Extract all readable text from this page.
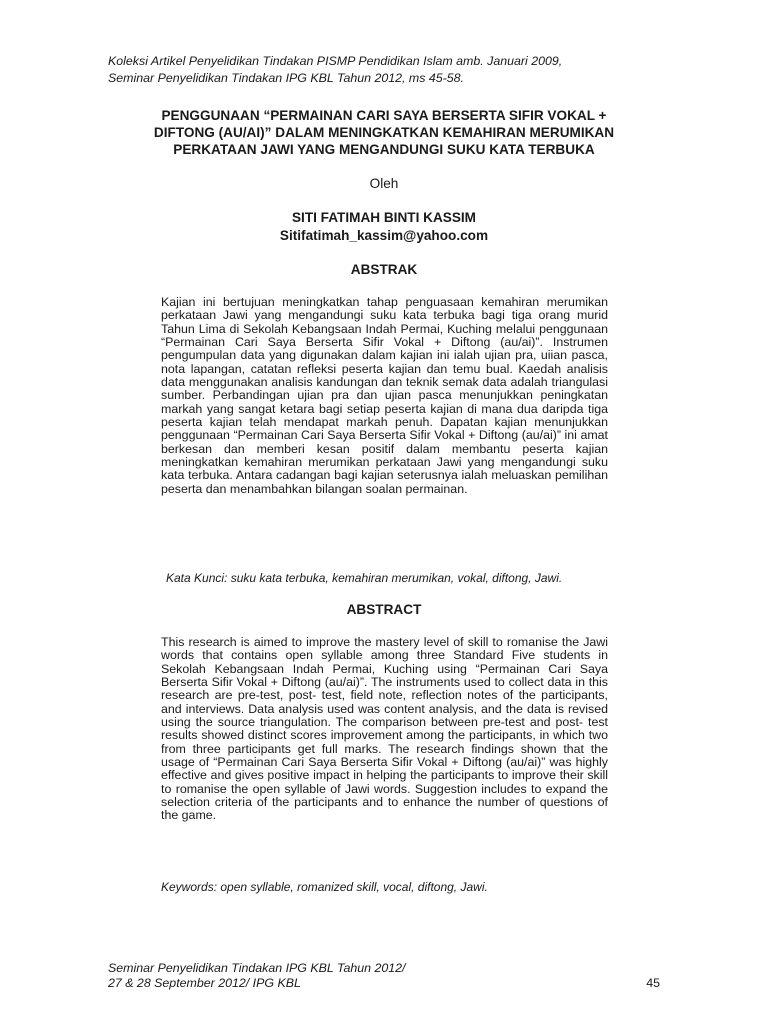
Koleksi Artikel Penyelidikan Tindakan PISMP Pendidikan Islam amb. Januari 2009,
Seminar Penyelidikan Tindakan IPG KBL Tahun 2012, ms 45-58.
PENGGUNAAN “PERMAINAN CARI SAYA BERSERTA SIFIR VOKAL +
DIFTONG (AU/AI)” DALAM MENINGKATKAN KEMAHIRAN MERUMIKAN
PERKATAAN JAWI YANG MENGANDUNGI SUKU KATA TERBUKA
Oleh
SITI FATIMAH BINTI KASSIM
Sitifatimah_kassim@yahoo.com
ABSTRAK
Kajian ini bertujuan meningkatkan tahap penguasaan kemahiran merumikan perkataan Jawi yang mengandungi suku kata terbuka bagi tiga orang murid Tahun Lima di Sekolah Kebangsaan Indah Permai, Kuching melalui penggunaan “Permainan Cari Saya Berserta Sifir Vokal + Diftong (au/ai)”. Instrumen pengumpulan data yang digunakan dalam kajian ini ialah ujian pra, uiian pasca, nota lapangan, catatan refleksi peserta kajian dan temu bual. Kaedah analisis data menggunakan analisis kandungan dan teknik semak data adalah triangulasi sumber. Perbandingan ujian pra dan ujian pasca menunjukkan peningkatan markah yang sangat ketara bagi setiap peserta kajian di mana dua daripda tiga peserta kajian telah mendapat markah penuh. Dapatan kajian menunjukkan penggunaan “Permainan Cari Saya Berserta Sifir Vokal + Diftong (au/ai)” ini amat berkesan dan memberi kesan positif dalam membantu peserta kajian meningkatkan kemahiran merumikan perkataan Jawi yang mengandungi suku kata terbuka. Antara cadangan bagi kajian seterusnya ialah meluaskan pemilihan peserta dan menambahkan bilangan soalan permainan.
Kata Kunci: suku kata terbuka, kemahiran merumikan, vokal, diftong, Jawi.
ABSTRACT
This research is aimed to improve the mastery level of skill to romanise the Jawi words that contains open syllable among three Standard Five students in Sekolah Kebangsaan Indah Permai, Kuching using “Permainan Cari Saya Berserta Sifir Vokal + Diftong (au/ai)”. The instruments used to collect data in this research are pre-test, post- test, field note, reflection notes of the participants, and interviews. Data analysis used was content analysis, and the data is revised using the source triangulation. The comparison between pre-test and post- test results showed distinct scores improvement among the participants, in which two from three participants get full marks. The research findings shown that the usage of “Permainan Cari Saya Berserta Sifir Vokal + Diftong (au/ai)” was highly effective and gives positive impact in helping the participants to improve their skill to romanise the open syllable of Jawi words. Suggestion includes to expand the selection criteria of the participants and to enhance the number of questions of the game.
Keywords: open syllable, romanized skill, vocal, diftong, Jawi.
Seminar Penyelidikan Tindakan IPG KBL Tahun 2012/
27 & 28 September 2012/ IPG KBL	45
